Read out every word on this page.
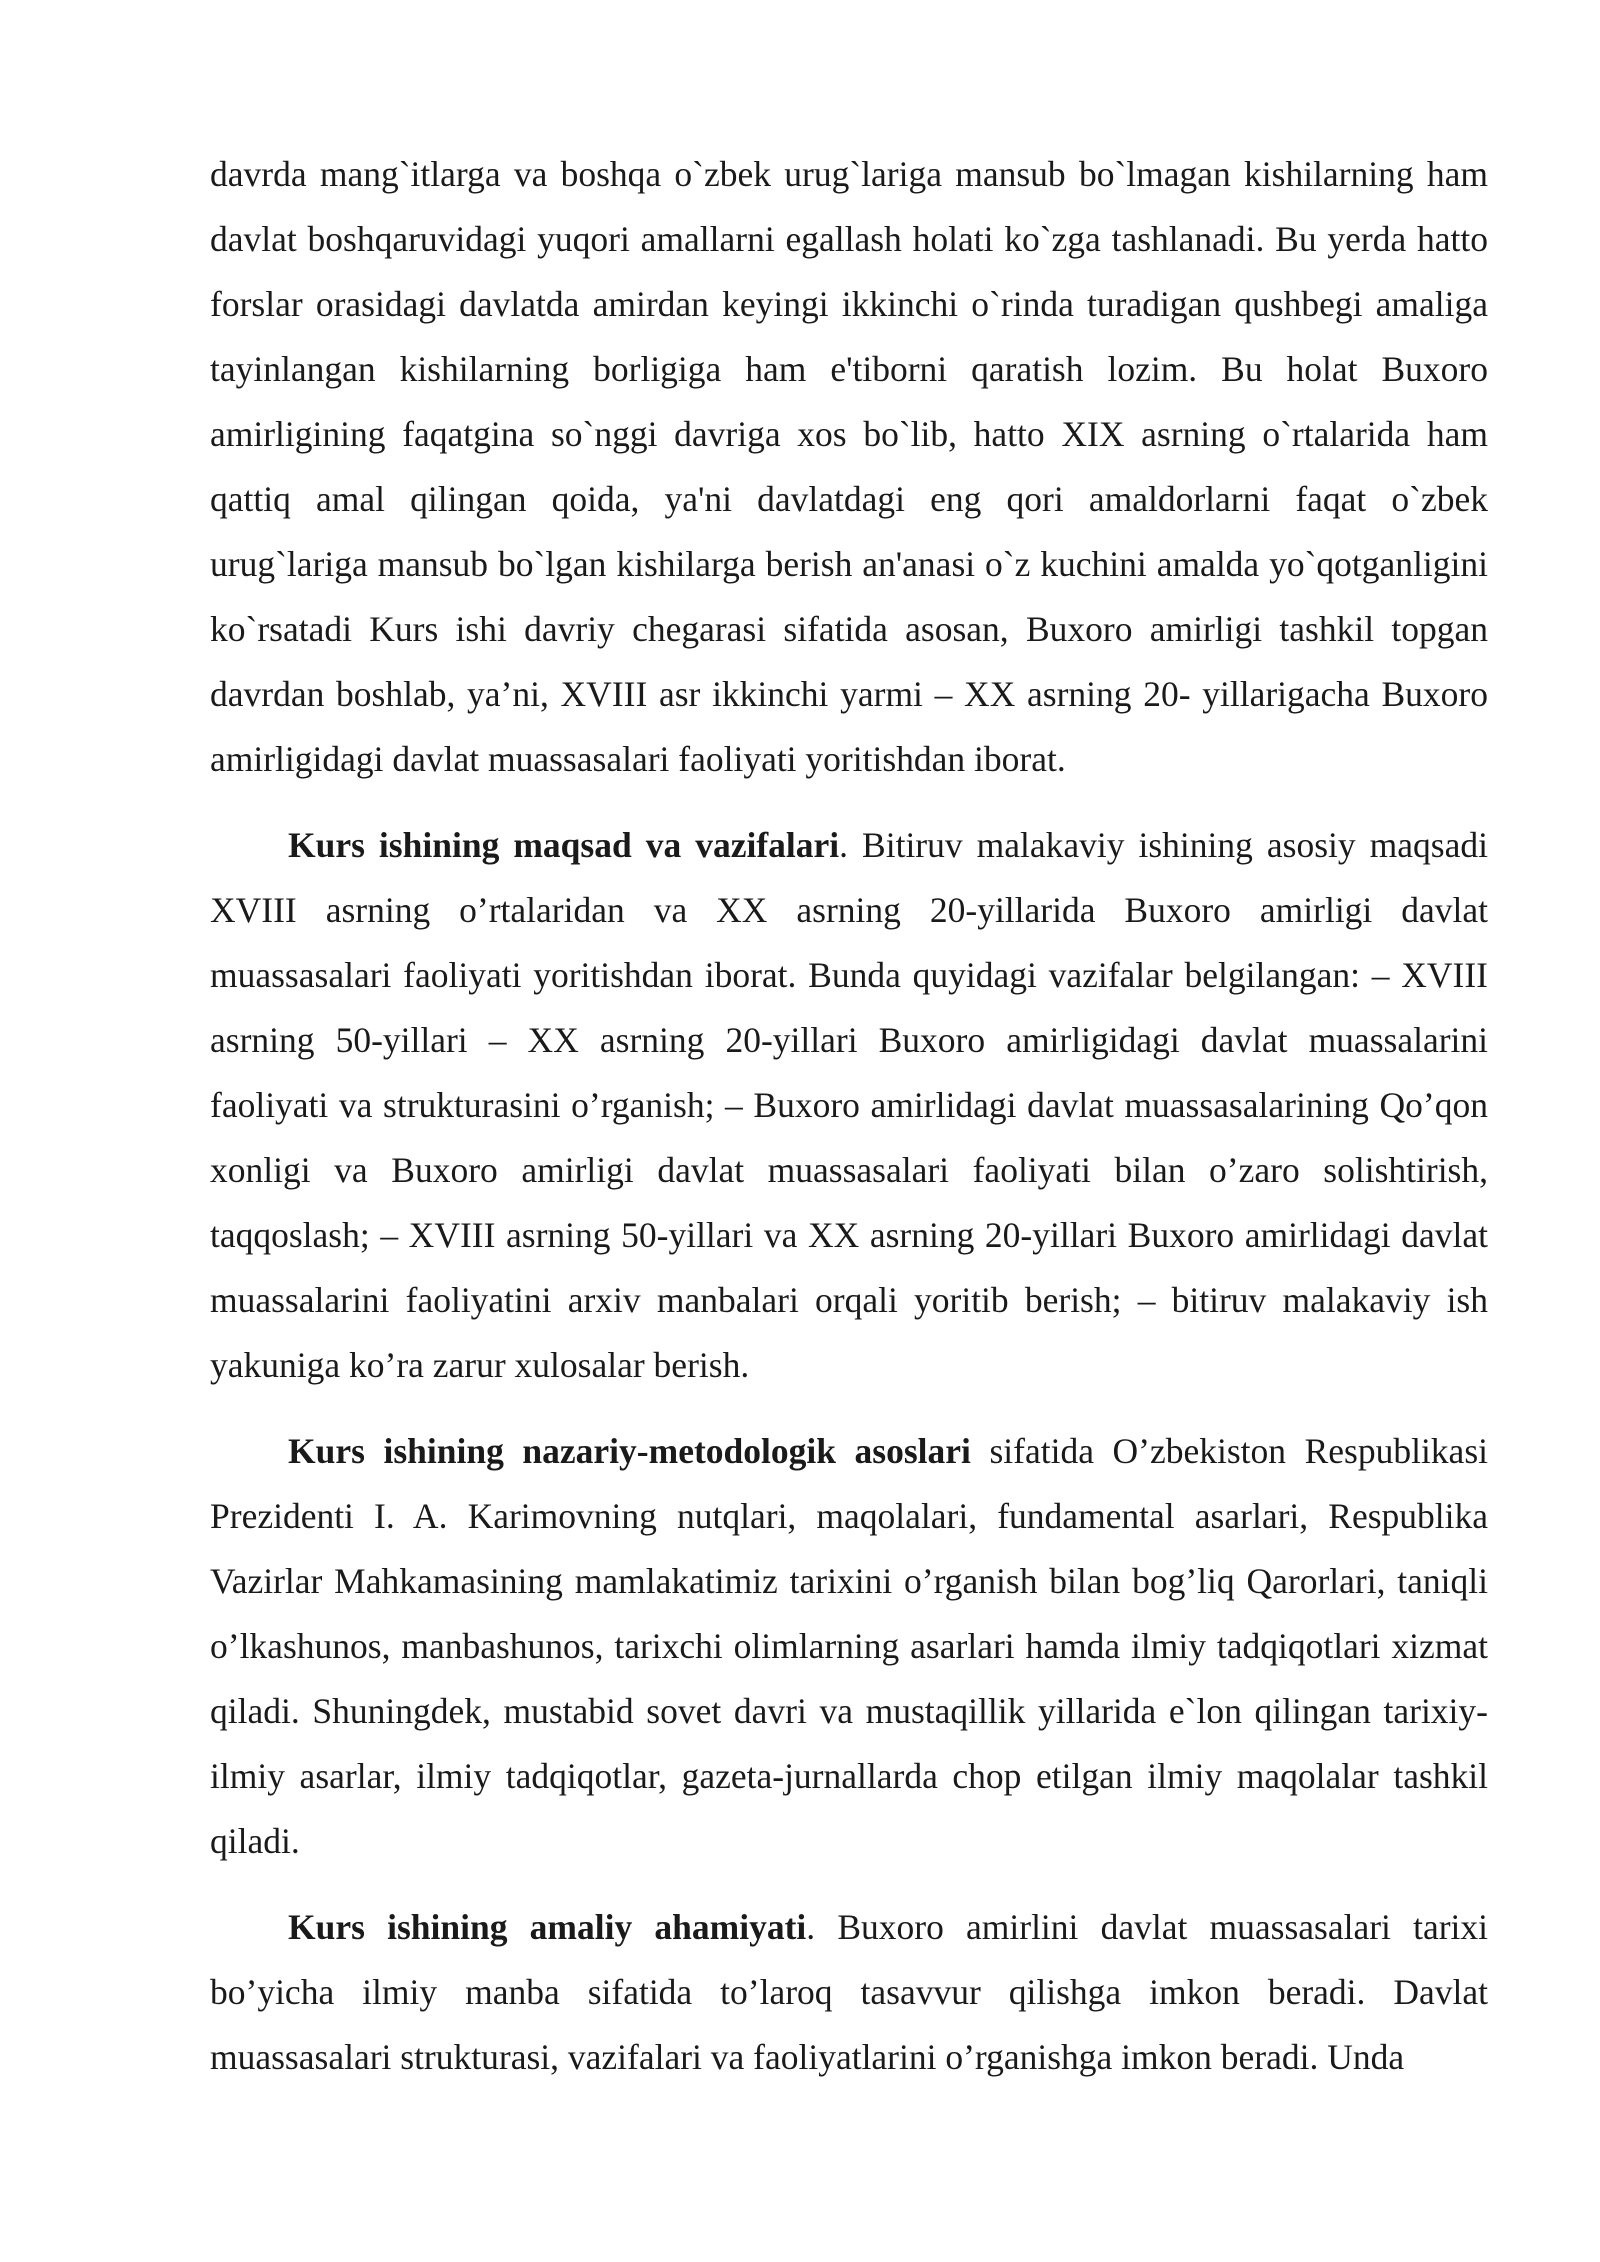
davrda mang`itlarga va boshqa o`zbek urug`lariga mansub bo`lmagan kishilarning ham davlat boshqaruvidagi yuqori amallarni egallash holati ko`zga tashlanadi. Bu yerda hatto forslar orasidagi davlatda amirdan keyingi ikkinchi o`rinda turadigan qushbegi amaliga tayinlangan kishilarning borligiga ham e'tiborni qaratish lozim. Bu holat Buxoro amirligining faqatgina so`nggi davriga xos bo`lib, hatto XIX asrning o`rtalarida ham qattiq amal qilingan qoida, ya'ni davlatdagi eng qori amaldorlarni faqat o`zbek urug`lariga mansub bo`lgan kishilarga berish an'anasi o`z kuchini amalda yo`qotganligini ko`rsatadi Kurs ishi davriy chegarasi sifatida asosan, Buxoro amirligi tashkil topgan davrdan boshlab, ya’ni, XVIII asr ikkinchi yarmi – XX asrning 20- yillarigacha Buxoro amirligidagi davlat muassasalari faoliyati yoritishdan iborat.

Kurs ishining maqsad va vazifalari. Bitiruv malakaviy ishining asosiy maqsadi XVIII asrning o’rtalaridan va XX asrning 20-yillarida Buxoro amirligi davlat muassasalari faoliyati yoritishdan iborat. Bunda quyidagi vazifalar belgilangan: – XVIII asrning 50-yillari – XX asrning 20-yillari Buxoro amirligidagi davlat muassalarini faoliyati va strukturasini o’rganish; – Buxoro amirlidagi davlat muassasalarining Qo’qon xonligi va Buxoro amirligi davlat muassasalari faoliyati bilan o’zaro solishtirish, taqqoslash; – XVIII asrning 50-yillari va XX asrning 20-yillari Buxoro amirlidagi davlat muassalarini faoliyatini arxiv manbalari orqali yoritib berish; – bitiruv malakaviy ish yakuniga ko’ra zarur xulosalar berish.

Kurs ishining nazariy-metodologik asoslari sifatida O’zbekiston Respublikasi Prezidenti I. A. Karimovning nutqlari, maqolalari, fundamental asarlari, Respublika Vazirlar Mahkamasining mamlakatimiz tarixini o’rganish bilan bog’liq Qarorlari, taniqli o’lkashunos, manbashunos, tarixchi olimlarning asarlari hamda ilmiy tadqiqotlari xizmat qiladi. Shuningdek, mustabid sovet davri va mustaqillik yillarida e`lon qilingan tarixiy-ilmiy asarlar, ilmiy tadqiqotlar, gazeta-jurnallarda chop etilgan ilmiy maqolalar tashkil qiladi.

Kurs ishining amaliy ahamiyati. Buxoro amirlini davlat muassasalari tarixi bo’yicha ilmiy manba sifatida to’laroq tasavvur qilishga imkon beradi. Davlat muassasalari strukturasi, vazifalari va faoliyatlarini o’rganishga imkon beradi. Unda
